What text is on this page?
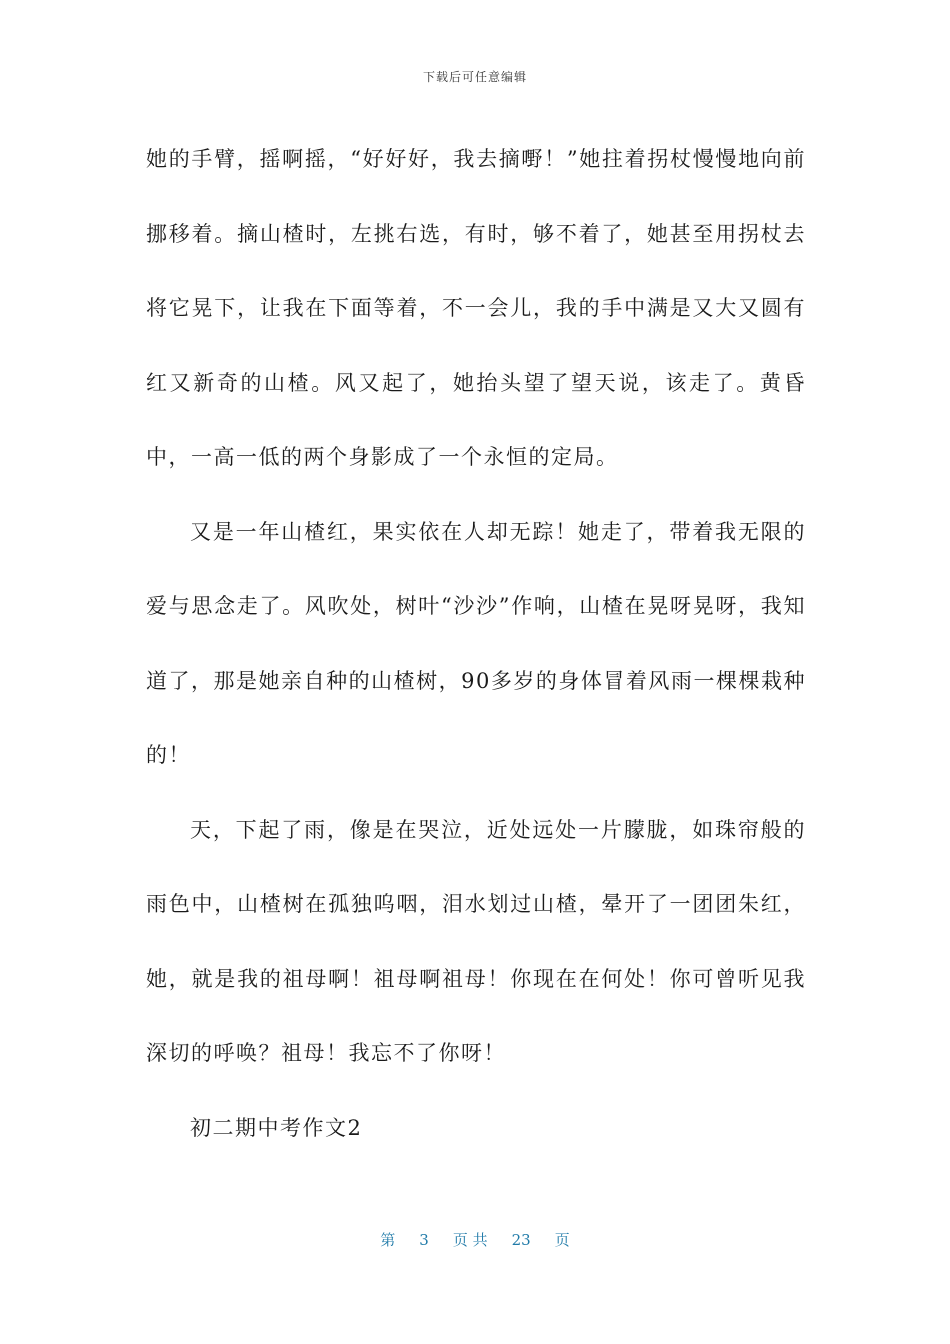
下载后可任意编辑

她的手臂，摇啊摇，“好好好，我去摘嘢！”她拄着拐杖慢慢地向前挪移着。摘山楂时，左挑右选，有时，够不着了，她甚至用拐杖去将它晃下，让我在下面等着，不一会儿，我的手中满是又大又圆有红又新奇的山楂。风又起了，她抬头望了望天说，该走了。黄昏中，一高一低的两个身影成了一个永恒的定局。

又是一年山楂红，果实依在人却无踪！她走了，带着我无限的爱与思念走了。风吹处，树叶“沙沙”作响，山楂在晃呀晃呀，我知道了，那是她亲自种的山楂树，90多岁的身体冒着风雨一棵棵栽种的！

天，下起了雨，像是在哭泣，近处远处一片朦胧，如珠帘般的雨色中，山楂树在孤独呜咽，泪水划过山楂，晕开了一团团朱红，她，就是我的祖母啊！祖母啊祖母！你现在在何处！你可曾听见我深切的呼唤？祖母！我忘不了你呀！

初二期中考作文2

第 3 页 共 23 页
